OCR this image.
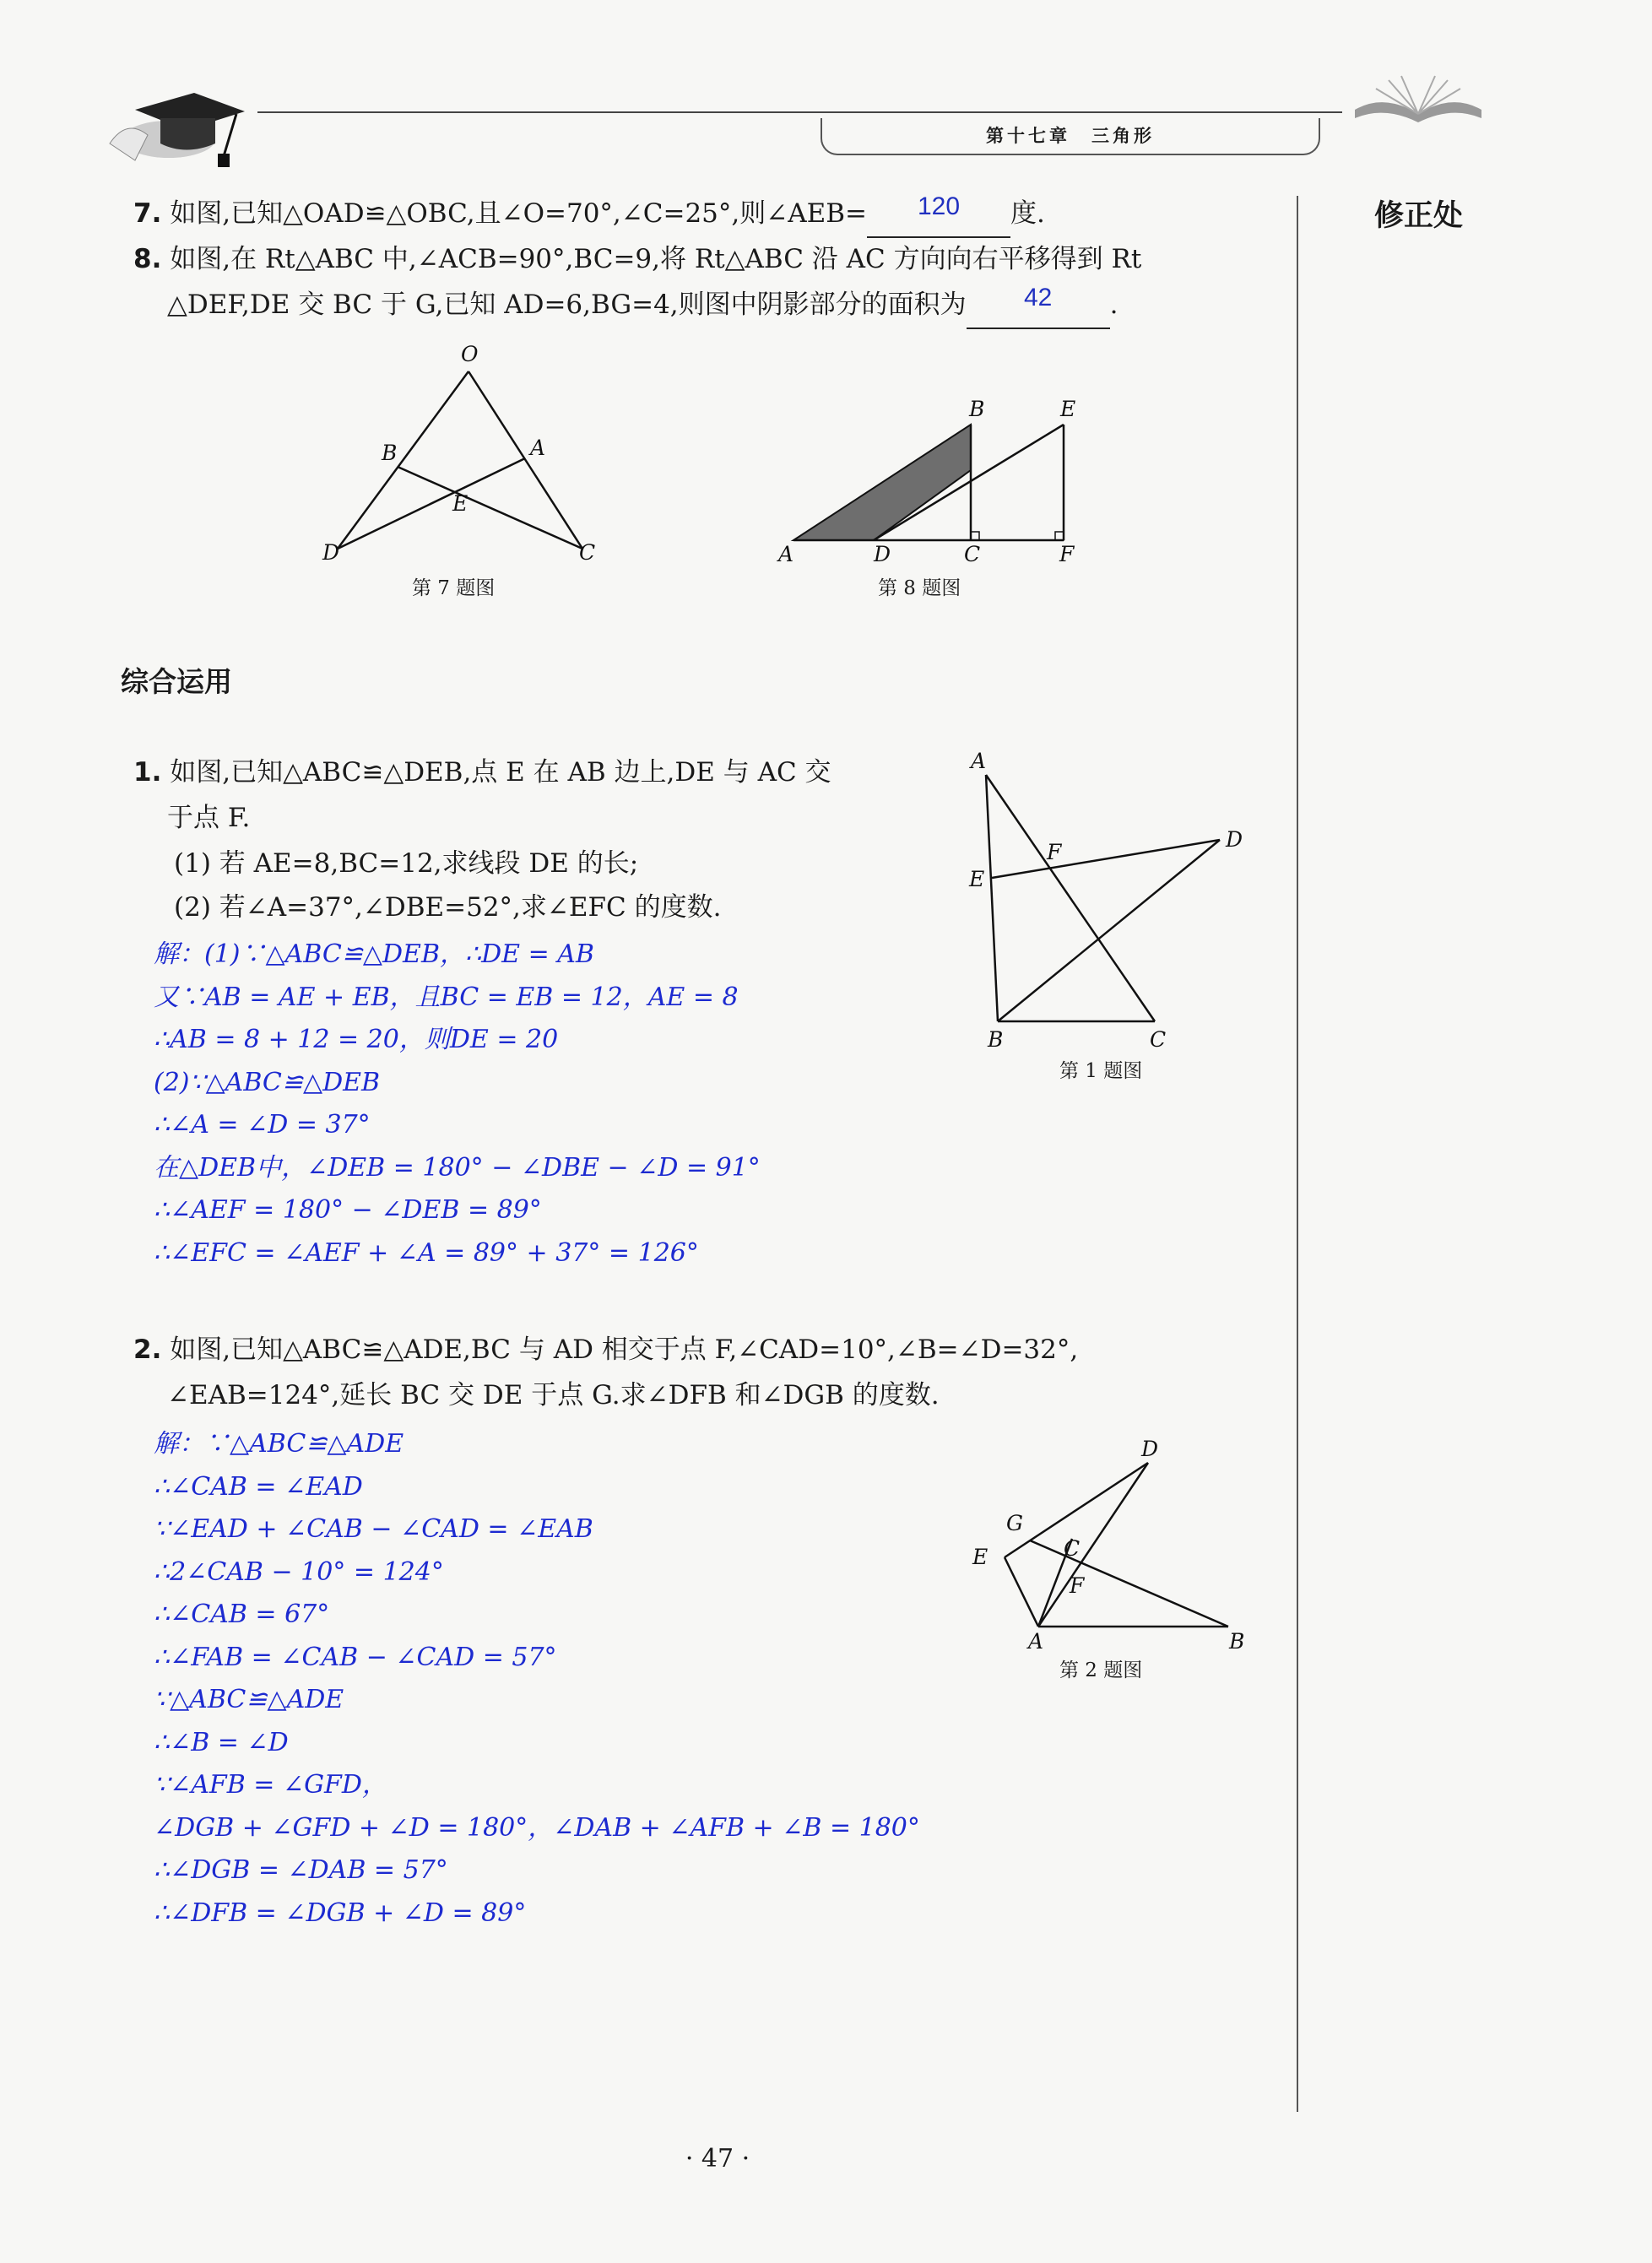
第十七章　三角形
修正处
7. 如图,已知△OAD≌△OBC,且∠O=70°,∠C=25°,则∠AEB=	120	度.
8. 如图,在 Rt△ABC 中,∠ACB=90°,BC=9,将 Rt△ABC 沿 AC 方向向右平移得到 Rt
△DEF,DE 交 BC 于 G,已知 AD=6,BG=4,则图中阴影部分的面积为	42	.
O
B	A
E
D	C
第 7 题图
B	E
A	D	C	F
第 8 题图
综合运用
1. 如图,已知△ABC≌△DEB,点 E 在 AB 边上,DE 与 AC 交
于点 F.
(1) 若 AE=8,BC=12,求线段 DE 的长;
(2) 若∠A=37°,∠DBE=52°,求∠EFC 的度数.
解：(1)∵△ABC≌△DEB，∴DE = AB
又∵AB = AE + EB，且BC = EB = 12，AE = 8
∴AB = 8 + 12 = 20，则DE = 20
(2)∵△ABC≌△DEB
∴∠A = ∠D = 37°
在△DEB中，∠DEB = 180° − ∠DBE − ∠D = 91°
∴∠AEF = 180° − ∠DEB = 89°
∴∠EFC = ∠AEF + ∠A = 89° + 37° = 126°
A
F
D
E
B	C
第 1 题图
2. 如图,已知△ABC≌△ADE,BC 与 AD 相交于点 F,∠CAD=10°,∠B=∠D=32°,
∠EAB=124°,延长 BC 交 DE 于点 G.求∠DFB 和∠DGB 的度数.
解：∵△ABC≌△ADE
∴∠CAB = ∠EAD
∵∠EAD + ∠CAB − ∠CAD = ∠EAB
∴2∠CAB − 10° = 124°
∴∠CAB = 67°
∴∠FAB = ∠CAB − ∠CAD = 57°
∵△ABC≌△ADE
∴∠B = ∠D
∵∠AFB = ∠GFD，
∠DGB + ∠GFD + ∠D = 180°，∠DAB + ∠AFB + ∠B = 180°
∴∠DGB = ∠DAB = 57°
∴∠DFB = ∠DGB + ∠D = 89°
D
G
C
E
F
A	B
第 2 题图
· 47 ·
